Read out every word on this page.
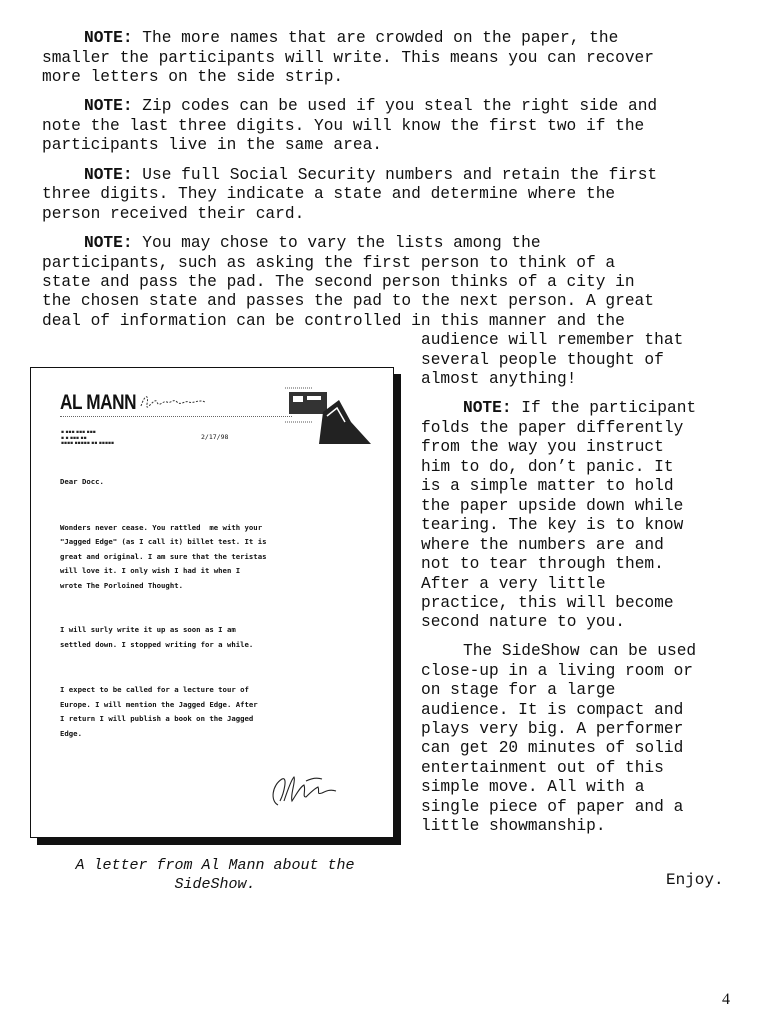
NOTE: The more names that are crowded on the paper, the
smaller the participants will write. This means you can recover
more letters on the side strip.
NOTE: Zip codes can be used if you steal the right side and
note the last three digits. You will know the first two if the
participants live in the same area.
NOTE: Use full Social Security numbers and retain the first
three digits. They indicate a state and determine where the
person received their card.
NOTE: You may chose to vary the lists among the
participants, such as asking the first person to think of a
state and pass the pad. The second person thinks of a city in
the chosen state and passes the pad to the next person. A great
deal of information can be controlled in this manner and the
audience will remember that
several people thought of
almost anything!
NOTE: If the participant
folds the paper differently
from the way you instruct
him to do, don’t panic. It
is a simple matter to hold
the paper upside down while
tearing. The key is to know
where the numbers are and
not to tear through them.
After a very little
practice, this will become
second nature to you.
The SideShow can be used
close-up in a living room or
on stage for a large
audience. It is compact and
plays very big. A performer
can get 20 minutes of solid
entertainment out of this
simple move. All with a
single piece of paper and a
little showmanship.
AL MANN
▪ ▪▪▪ ▪▪▪ ▪▪▪
▪ ▪ ▪▪▪ ▪▪
▪▪▪▪ ▪▪▪▪▪ ▪▪ ▪▪▪▪▪
2/17/98
Dear Docc.
Wonders never cease. You rattled  me with your
"Jagged Edge" (as I call it) billet test. It is
great and original. I am sure that the teristas
will love it. I only wish I had it when I
wrote The Porloined Thought.
I will surly write it up as soon as I am
settled down. I stopped writing for a while.
I expect to be called for a lecture tour of
Europe. I will mention the Jagged Edge. After
I return I will publish a book on the Jagged
Edge.
A letter from Al Mann about the
SideShow.	Enjoy.
4
